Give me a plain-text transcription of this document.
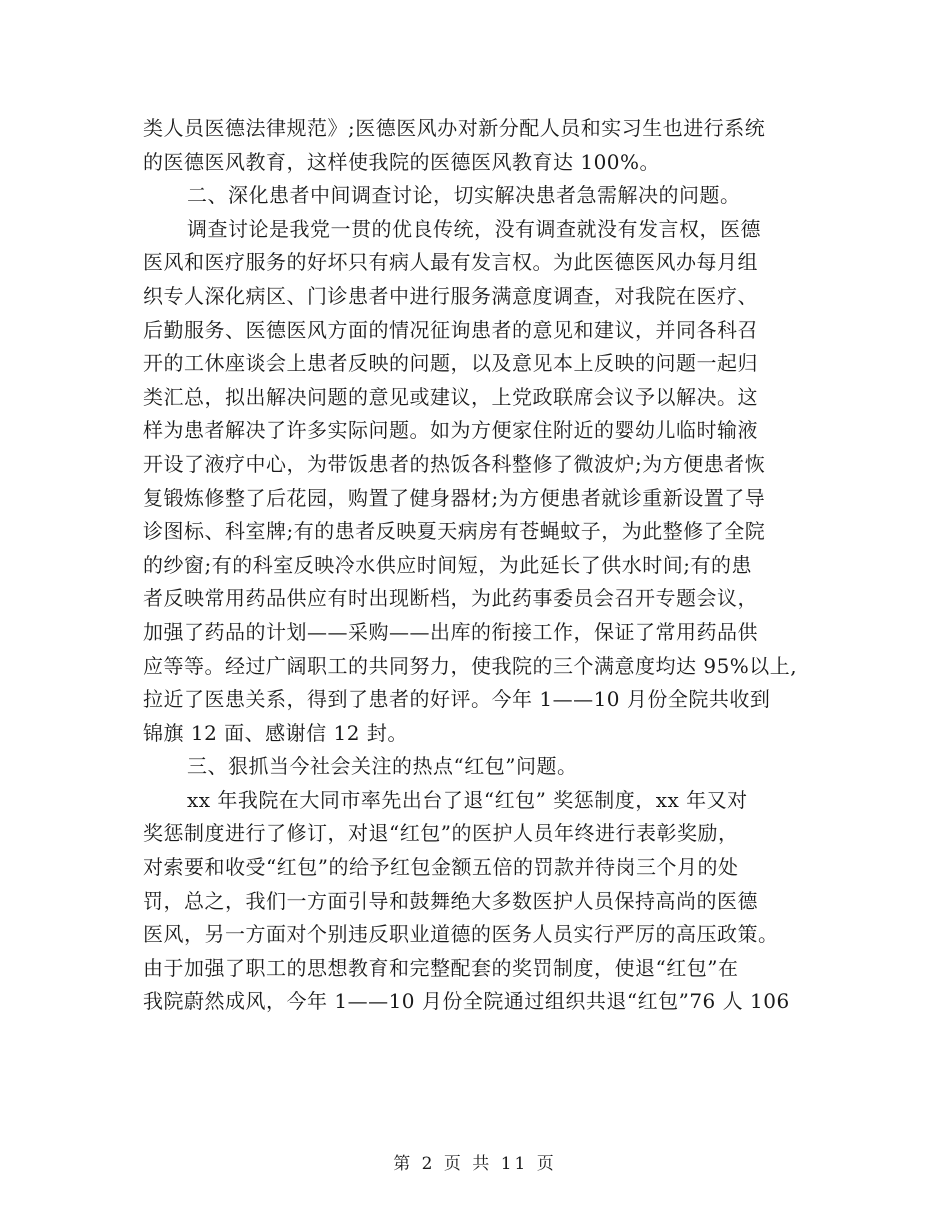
类人员医德法律规范》;医德医风办对新分配人员和实习生也进行系统
的医德医风教育，这样使我院的医德医风教育达 100%。
二、深化患者中间调查讨论，切实解决患者急需解决的问题。
调查讨论是我党一贯的优良传统，没有调查就没有发言权，医德
医风和医疗服务的好坏只有病人最有发言权。为此医德医风办每月组
织专人深化病区、门诊患者中进行服务满意度调查，对我院在医疗、
后勤服务、医德医风方面的情况征询患者的意见和建议，并同各科召
开的工休座谈会上患者反映的问题，以及意见本上反映的问题一起归
类汇总，拟出解决问题的意见或建议，上党政联席会议予以解决。这
样为患者解决了许多实际问题。如为方便家住附近的婴幼儿临时输液
开设了液疗中心，为带饭患者的热饭各科整修了微波炉;为方便患者恢
复锻炼修整了后花园，购置了健身器材;为方便患者就诊重新设置了导
诊图标、科室牌;有的患者反映夏天病房有苍蝇蚊子，为此整修了全院
的纱窗;有的科室反映冷水供应时间短，为此延长了供水时间;有的患
者反映常用药品供应有时出现断档，为此药事委员会召开专题会议，
加强了药品的计划——采购——出库的衔接工作，保证了常用药品供
应等等。经过广阔职工的共同努力，使我院的三个满意度均达 95%以上,
拉近了医患关系，得到了患者的好评。今年 1——10 月份全院共收到
锦旗 12 面、感谢信 12 封。
三、狠抓当今社会关注的热点“红包”问题。
xx 年我院在大同市率先出台了退“红包” 奖惩制度，xx 年又对
奖惩制度进行了修订，对退“红包”的医护人员年终进行表彰奖励，
对索要和收受“红包”的给予红包金额五倍的罚款并待岗三个月的处
罚，总之，我们一方面引导和鼓舞绝大多数医护人员保持高尚的医德
医风，另一方面对个别违反职业道德的医务人员实行严厉的高压政策。
由于加强了职工的思想教育和完整配套的奖罚制度，使退“红包”在
我院蔚然成风，今年 1——10 月份全院通过组织共退“红包”76 人 106
第 2 页 共 11 页
